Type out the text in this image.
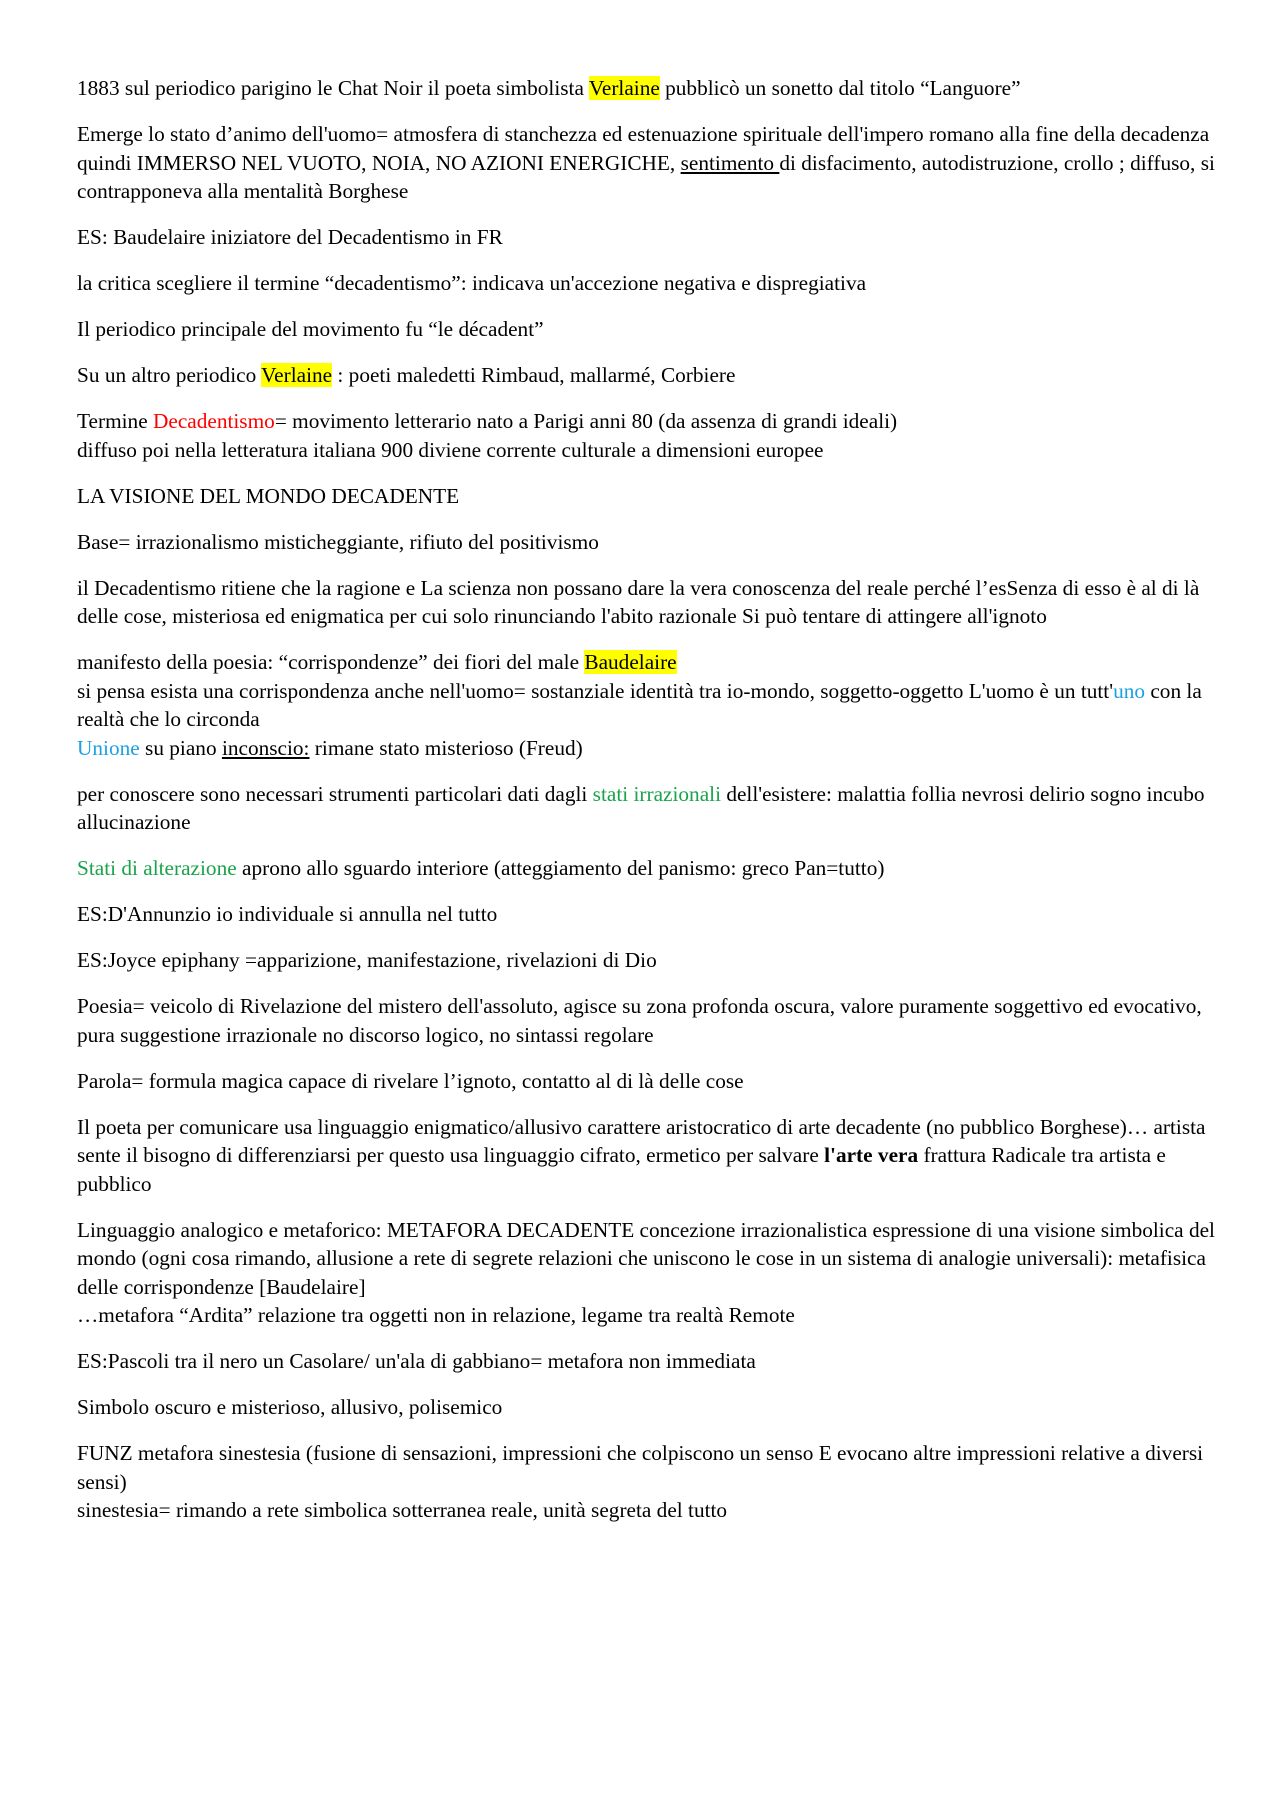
1883 sul periodico parigino le Chat Noir il poeta simbolista Verlaine pubblicò un sonetto dal titolo “Languore”

Emerge lo stato d’animo dell'uomo= atmosfera di stanchezza ed estenuazione spirituale dell'impero romano alla fine della decadenza quindi IMMERSO NEL VUOTO, NOIA, NO AZIONI ENERGICHE, sentimento di disfacimento, autodistruzione, crollo ; diffuso, si contrapponeva alla mentalità Borghese

ES: Baudelaire iniziatore del Decadentismo in FR

la critica scegliere il termine “decadentismo”: indicava un'accezione negativa e dispregiativa

Il periodico principale del movimento fu “le décadent”

Su un altro periodico Verlaine : poeti maledetti Rimbaud, mallarmé, Corbiere

Termine Decadentismo= movimento letterario nato a Parigi anni 80 (da assenza di grandi ideali)
diffuso poi nella letteratura italiana 900 diviene corrente culturale a dimensioni europee

LA VISIONE DEL MONDO DECADENTE

Base= irrazionalismo misticheggiante, rifiuto del positivismo

il Decadentismo ritiene che la ragione e La scienza non possano dare la vera conoscenza del reale perché l’esSenza di esso è al di là delle cose, misteriosa ed enigmatica per cui solo rinunciando l'abito razionale Si può tentare di attingere all'ignoto

manifesto della poesia: “corrispondenze” dei fiori del male Baudelaire
si pensa esista una corrispondenza anche nell'uomo= sostanziale identità tra io-mondo, soggetto-oggetto L'uomo è un tutt'uno con la realtà che lo circonda
Unione su piano inconscio: rimane stato misterioso (Freud)

per conoscere sono necessari strumenti particolari dati dagli stati irrazionali dell'esistere: malattia follia nevrosi delirio sogno incubo allucinazione

Stati di alterazione aprono allo sguardo interiore (atteggiamento del panismo: greco Pan=tutto)

ES:D'Annunzio io individuale si annulla nel tutto

ES:Joyce epiphany =apparizione, manifestazione, rivelazioni di Dio

Poesia= veicolo di Rivelazione del mistero dell'assoluto, agisce su zona profonda oscura, valore puramente soggettivo ed evocativo, pura suggestione irrazionale no discorso logico, no sintassi regolare

Parola= formula magica capace di rivelare l’ignoto, contatto al di là delle cose

Il poeta per comunicare usa linguaggio enigmatico/allusivo carattere aristocratico di arte decadente (no pubblico Borghese)… artista sente il bisogno di differenziarsi per questo usa linguaggio cifrato, ermetico per salvare l'arte vera frattura Radicale tra artista e pubblico

Linguaggio analogico e metaforico: METAFORA DECADENTE concezione irrazionalistica espressione di una visione simbolica del mondo (ogni cosa rimando, allusione a rete di segrete relazioni che uniscono le cose in un sistema di analogie universali): metafisica delle corrispondenze [Baudelaire]
…metafora “Ardita” relazione tra oggetti non in relazione, legame tra realtà Remote

ES:Pascoli tra il nero un Casolare/ un'ala di gabbiano= metafora non immediata

Simbolo oscuro e misterioso, allusivo, polisemico

FUNZ metafora sinestesia (fusione di sensazioni, impressioni che colpiscono un senso E evocano altre impressioni relative a diversi sensi)
sinestesia= rimando a rete simbolica sotterranea reale, unità segreta del tutto
